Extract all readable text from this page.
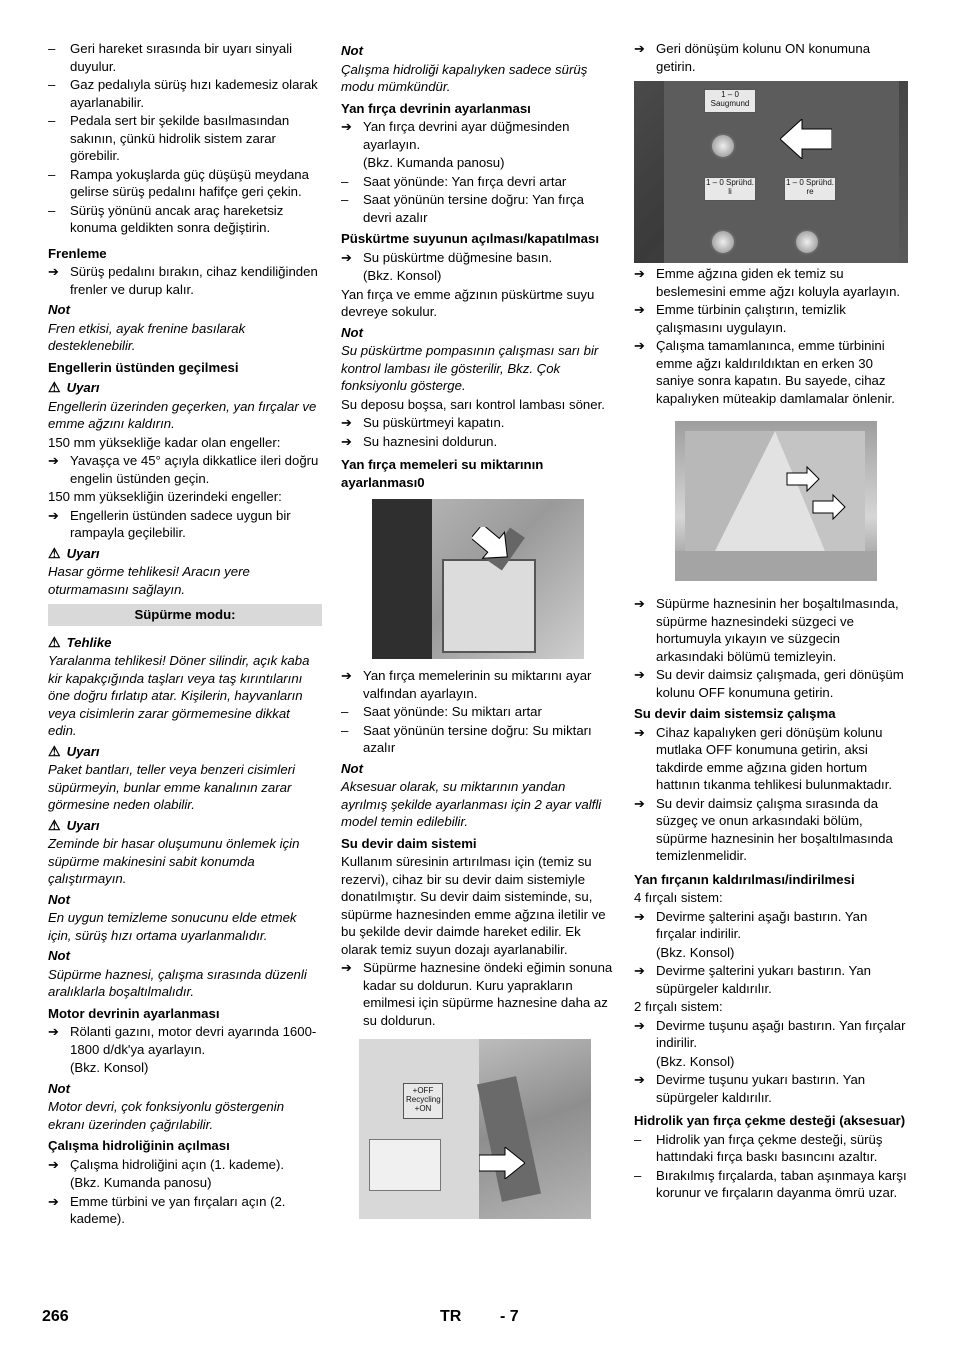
– Geri hareket sırasında bir uyarı sinyali duyulur.
– Gaz pedalıyla sürüş hızı kademesiz olarak ayarlanabilir.
– Pedala sert bir şekilde basılmasından sakının, çünkü hidrolik sistem zarar görebilir.
– Rampa yokuşlarda güç düşüşü meydana gelirse sürüş pedalını hafifçe geri çekin.
– Sürüş yönünü ancak araç hareketsiz konuma geldikten sonra değiştirin.

Frenleme

➔ Sürüş pedalını bırakın, cihaz kendiliğinden frenler ve durup kalır.

Not

Fren etkisi, ayak frenine basılarak desteklenebilir.

Engellerin üstünden geçilmesi

⚠ Uyarı

Engellerin üzerinden geçerken, yan fırçalar ve emme ağzını kaldırın.

150 mm yüksekliğe kadar olan engeller:

➔ Yavaşça ve 45° açıyla dikkatlice ileri doğru engelin üstünden geçin.

150 mm yüksekliğin üzerindeki engeller:

➔ Engellerin üstünden sadece uygun bir rampayla geçilebilir.

⚠ Uyarı

Hasar görme tehlikesi! Aracın yere oturmamasını sağlayın.

Süpürme modu:

⚠ Tehlike

Yaralanma tehlikesi! Döner silindir, açık kaba kir kapakçığında taşları veya taş kırıntılarını öne doğru fırlatıp atar. Kişilerin, hayvanların veya cisimlerin zarar görmemesine dikkat edin.

⚠ Uyarı

Paket bantları, teller veya benzeri cisimleri süpürmeyin, bunlar emme kanalının zarar görmesine neden olabilir.

⚠ Uyarı

Zeminde bir hasar oluşumunu önlemek için süpürme makinesini sabit konumda çalıştırmayın.

Not

En uygun temizleme sonucunu elde etmek için, sürüş hızı ortama uyarlanmalıdır.

Not

Süpürme haznesi, çalışma sırasında düzenli aralıklarla boşaltılmalıdır.

Motor devrinin ayarlanması

➔ Rölanti gazını, motor devri ayarında 1600-1800 d/dk'ya ayarlayın.

(Bkz. Konsol)

Not

Motor devri, çok fonksiyonlu göstergenin ekranı üzerinden çağrılabilir.

Çalışma hidroliğinin açılması

➔ Çalışma hidroliğini açın (1. kademe).

(Bkz. Kumanda panosu)

➔ Emme türbini ve yan fırçaları açın (2. kademe).

Not

Çalışma hidroliği kapalıyken sadece sürüş modu mümkündür.

Yan fırça devrinin ayarlanması

➔ Yan fırça devrini ayar düğmesinden ayarlayın.

(Bkz. Kumanda panosu)

– Saat yönünde: Yan fırça devri artar
– Saat yönünün tersine doğru: Yan fırça devri azalır

Püskürtme suyunun açılması/kapatılması

➔ Su püskürtme düğmesine basın.

(Bkz. Konsol)

Yan fırça ve emme ağzının püskürtme suyu devreye sokulur.

Not

Su püskürtme pompasının çalışması sarı bir kontrol lambası ile gösterilir, Bkz. Çok fonksiyonlu gösterge.

Su deposu boşsa, sarı kontrol lambası söner.

➔ Su püskürtmeyi kapatın.
➔ Su haznesini doldurun.

Yan fırça memeleri su miktarının ayarlanması0

➔ Yan fırça memelerinin su miktarını ayar valfından ayarlayın.
– Saat yönünde: Su miktarı artar
– Saat yönünün tersine doğru: Su miktarı azalır

Not

Aksesuar olarak, su miktarının yandan ayrılmış şekilde ayarlanması için 2 ayar valfli model temin edilebilir.

Su devir daim sistemi

Kullanım süresinin artırılması için (temiz su rezervi), cihaz bir su devir daim sistemiyle donatılmıştır. Su devir daim sisteminde, su, süpürme haznesinden emme ağzına iletilir ve bu şekilde devir daimde hareket edilir. Ek olarak temiz suyun dozajı ayarlanabilir.

➔ Süpürme haznesine öndeki eğimin sonuna kadar su doldurun. Kuru yaprakların emilmesi için süpürme haznesine daha az su doldurun.
+OFF Recycling +ON
➔ Geri dönüşüm kolunu ON konumuna getirin.
1 – 0 Saugmund
1 – 0 Sprühd. li
1 – 0 Sprühd. re
➔ Emme ağzına giden ek temiz su beslemesini emme ağzı koluyla ayarlayın.
➔ Emme türbinin çalıştırın, temizlik çalışmasını uygulayın.
➔ Çalışma tamamlanınca, emme türbinini emme ağzı kaldırıldıktan en erken 30 saniye sonra kapatın. Bu sayede, cihaz kapalıyken müteakip damlamalar önlenir.
➔ Süpürme haznesinin her boşaltılmasında, süpürme haznesindeki süzgeci ve hortumuyla yıkayın ve süzgecin arkasındaki bölümü temizleyin.
➔ Su devir daimsiz çalışmada, geri dönüşüm kolunu OFF konumuna getirin.

Su devir daim sistemsiz çalışma

➔ Cihaz kapalıyken geri dönüşüm kolunu mutlaka OFF konumuna getirin, aksi takdirde emme ağzına giden hortum hattının tıkanma tehlikesi bulunmaktadır.
➔ Su devir daimsiz çalışma sırasında da süzgeç ve onun arkasındaki bölüm, süpürme haznesinin her boşaltılmasında temizlenmelidir.

Yan fırçanın kaldırılması/indirilmesi

4 fırçalı sistem:

➔ Devirme şalterini aşağı bastırın. Yan fırçalar indirilir.

(Bkz. Konsol)

➔ Devirme şalterini yukarı bastırın. Yan süpürgeler kaldırılır.

2 fırçalı sistem:

➔ Devirme tuşunu aşağı bastırın. Yan fırçalar indirilir.

(Bkz. Konsol)

➔ Devirme tuşunu yukarı bastırın. Yan süpürgeler kaldırılır.

Hidrolik yan fırça çekme desteği (aksesuar)

– Hidrolik yan fırça çekme desteği, sürüş hattındaki fırça baskı basıncını azaltır.
– Bırakılmış fırçalarda, taban aşınmaya karşı korunur ve fırçaların dayanma ömrü uzar.
266	TR - 7
